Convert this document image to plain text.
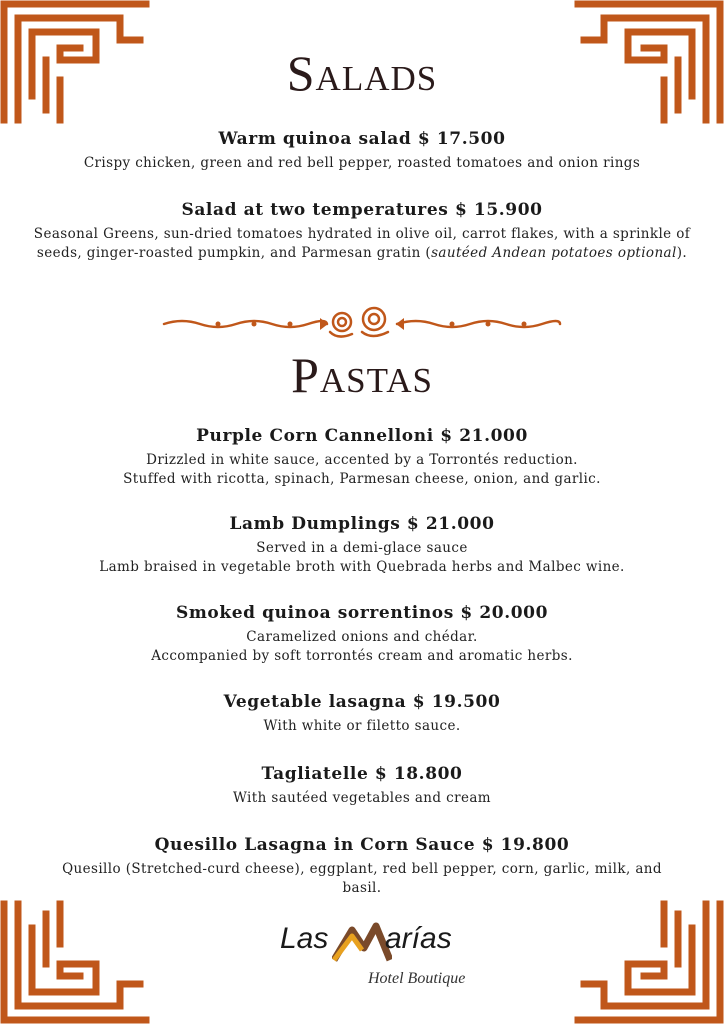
Salads
Warm quinoa salad $ 17.500
Crispy chicken, green and red bell pepper, roasted tomatoes and onion rings
Salad at two temperatures $ 15.900
Seasonal Greens, sun-dried tomatoes hydrated in olive oil, carrot flakes, with a sprinkle of
seeds, ginger-roasted pumpkin, and Parmesan gratin (sautéed Andean potatoes optional).
Pastas
Purple Corn Cannelloni $ 21.000
Drizzled in white sauce, accented by a Torrontés reduction.
Stuffed with ricotta, spinach, Parmesan cheese, onion, and garlic.
Lamb Dumplings $ 21.000
Served in a demi-glace sauce
Lamb braised in vegetable broth with Quebrada herbs and Malbec wine.
Smoked quinoa sorrentinos $ 20.000
Caramelized onions and chédar.
Accompanied by soft torrontés cream and aromatic herbs.
Vegetable lasagna $ 19.500
With white or filetto sauce.
Tagliatelle $ 18.800
With sautéed vegetables and cream
Quesillo Lasagna in Corn Sauce $ 19.800
Quesillo (Stretched-curd cheese), eggplant, red bell pepper, corn, garlic, milk, and
basil.
Las arías
Hotel Boutique
